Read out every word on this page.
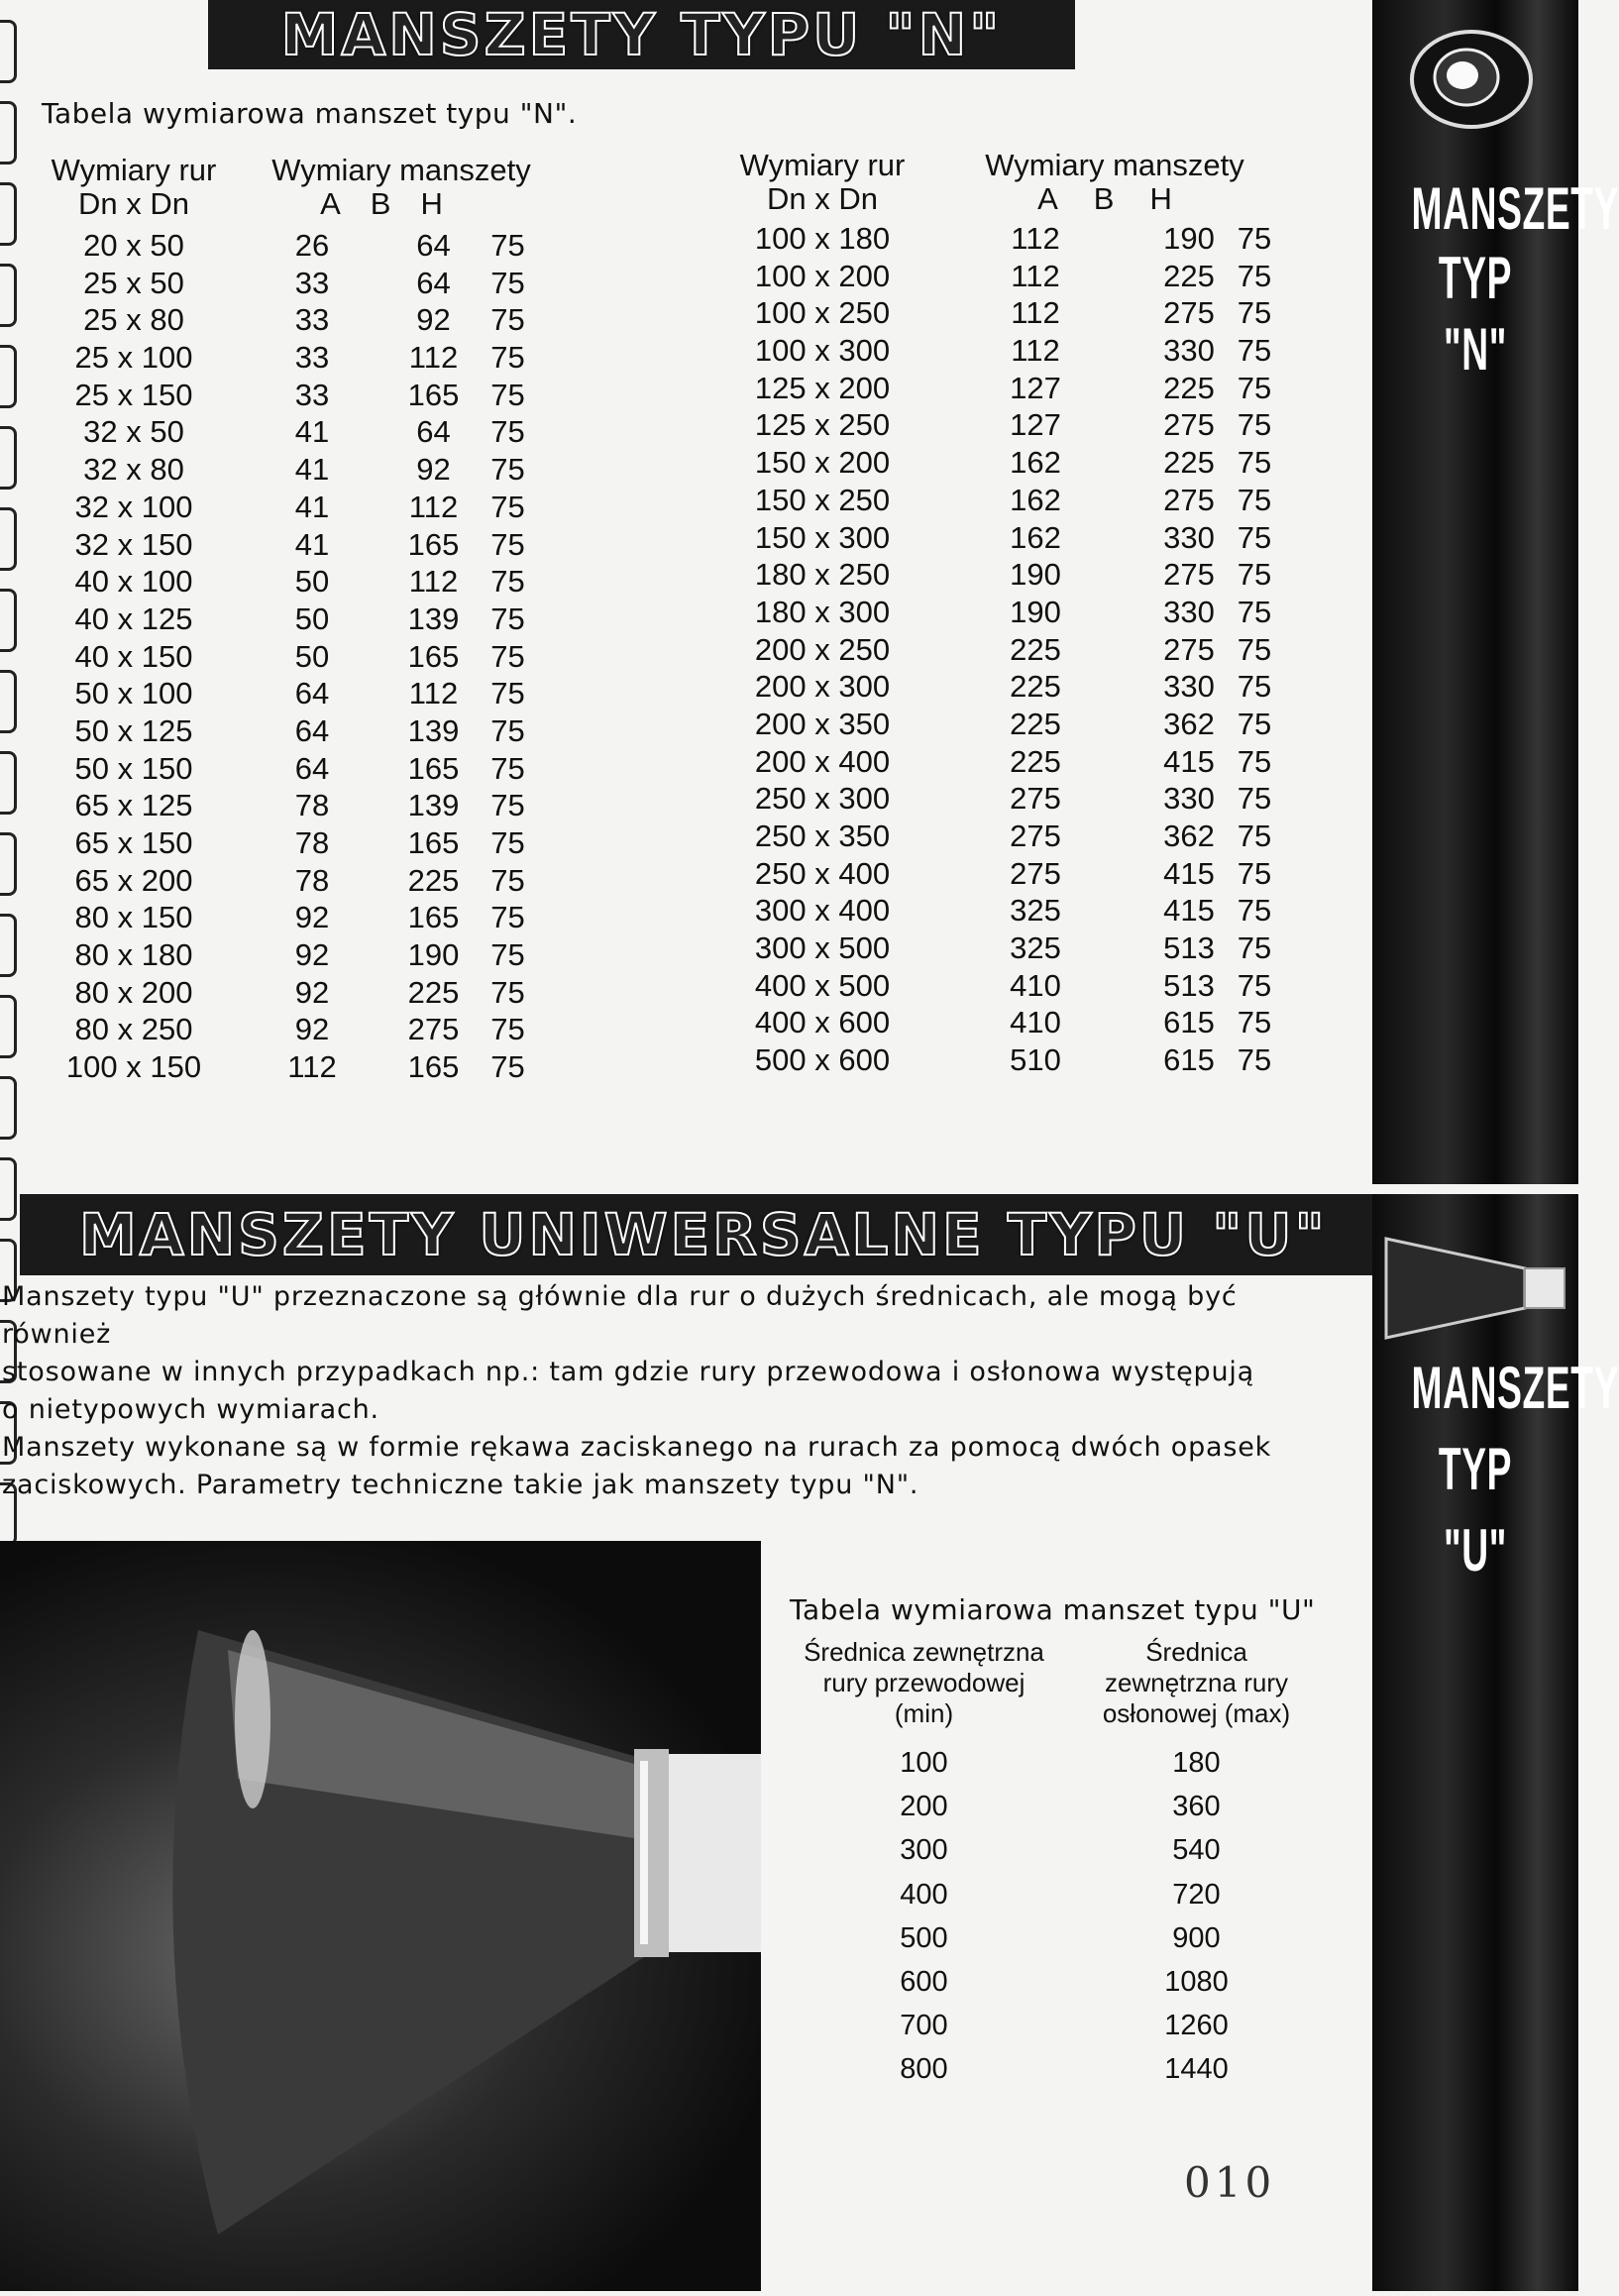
MANSZETY TYPU "N"
MANSZETY
TYP
"N"
Tabela wymiarowa manszet typu "N".
Wymiary rur
Dn x Dn
Wymiary manszety
A B H
20 x 50	26	64 75
25 x 50	33	64 75
25 x 80	33	92 75
25 x 100	33	112 75
25 x 150	33	165 75
32 x 50	41	64 75
32 x 80	41	92 75
32 x 100	41	112 75
32 x 150	41	165 75
40 x 100	50	112 75
40 x 125	50	139 75
40 x 150	50	165 75
50 x 100	64	112 75
50 x 125	64	139 75
50 x 150	64	165 75
65 x 125	78	139 75
65 x 150	78	165 75
65 x 200	78	225 75
80 x 150	92	165 75
80 x 180	92	190 75
80 x 200	92	225 75
80 x 250	92	275 75
100 x 150	112 165 75
Wymiary rur
Dn x Dn
Wymiary manszety
A B H
100 x 180	112	190 75
100 x 200	112	225 75
100 x 250	112	275 75
100 x 300	112	330 75
125 x 200	127	225 75
125 x 250	127	275 75
150 x 200	162	225 75
150 x 250	162	275 75
150 x 300	162	330 75
180 x 250	190	275 75
180 x 300	190	330 75
200 x 250	225	275 75
200 x 300	225	330 75
200 x 350	225	362 75
200 x 400	225	415 75
250 x 300	275	330 75
250 x 350	275	362 75
250 x 400	275	415 75
300 x 400	325	415 75
300 x 500	325	513 75
400 x 500	410	513 75
400 x 600	410	615 75
500 x 600	510	615 75
MANSZETY UNIWERSALNE TYPU "U"
MANSZETY
TYP
"U"
Manszety typu "U" przeznaczone są głównie dla rur o dużych średnicach, ale mogą być również
stosowane w innych przypadkach np.: tam gdzie rury przewodowa i osłonowa występują
o nietypowych wymiarach.
Manszety wykonane są w formie rękawa zaciskanego na rurach za pomocą dwóch opasek
zaciskowych. Parametry techniczne takie jak manszety typu "N".
Tabela wymiarowa manszet typu "U"
Średnica zewnętrzna
rury przewodowej
(min)
Średnica
zewnętrzna rury
osłonowej (max)
100	180
200	360
300	540
400	720
500	900
600	1080
700	1260
800	1440
010
